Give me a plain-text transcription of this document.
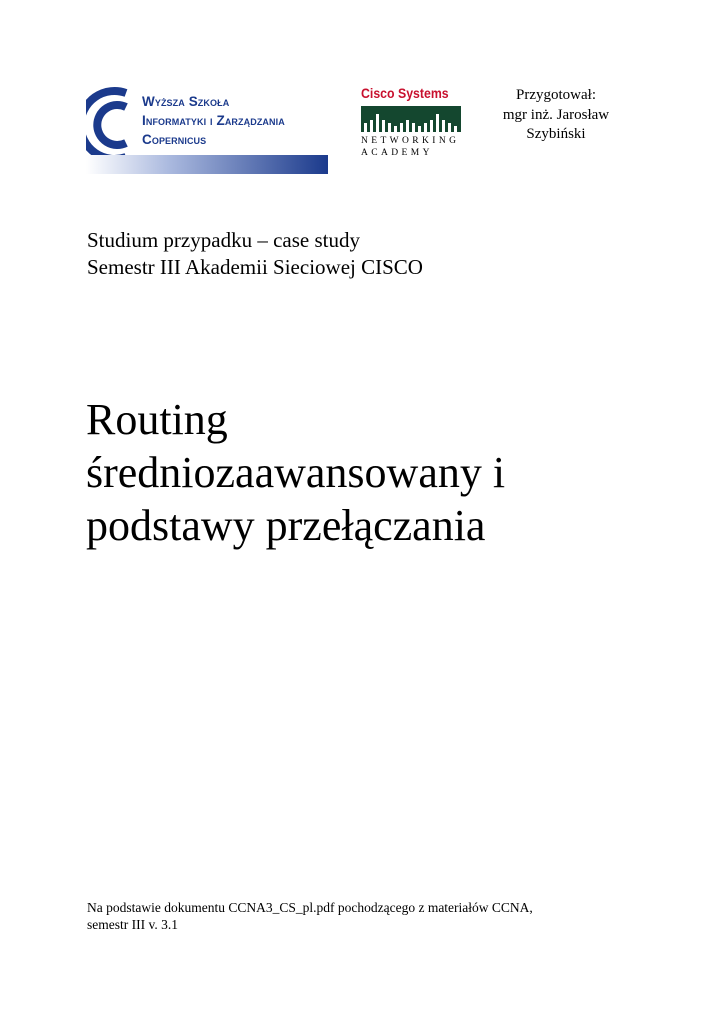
Wyższa Szkoła
Informatyki i Zarządzania
Copernicus
Cisco Systems
NETWORKING
ACADEMY
Przygotował:
mgr inż. Jarosław
Szybiński
Studium przypadku – case study
Semestr III Akademii Sieciowej CISCO
Routing
średniozaawansowany i
podstawy przełączania
Na podstawie dokumentu CCNA3_CS_pl.pdf pochodzącego z materiałów CCNA,
semestr III v. 3.1
